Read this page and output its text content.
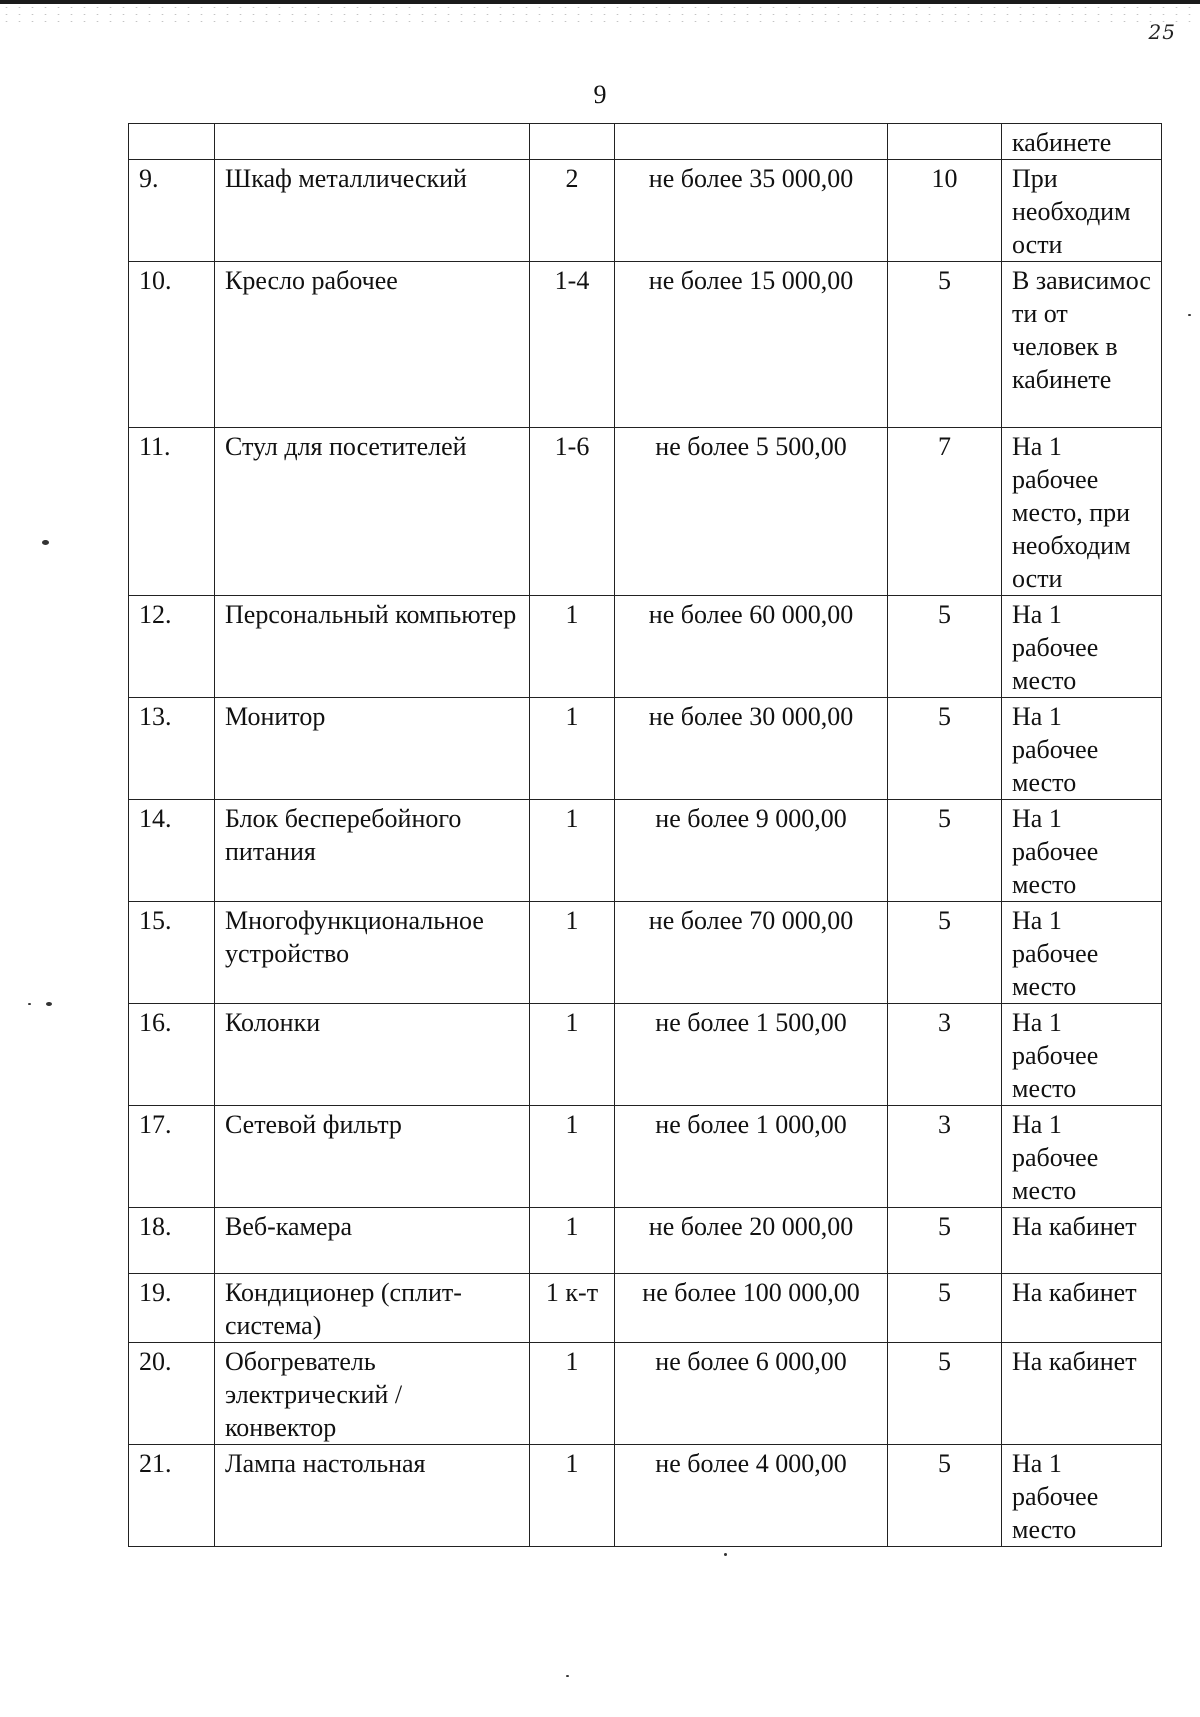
25
9
					кабинете
9.	Шкаф металлический	2	не более 35 000,00	10	При необходим ости
10.	Кресло рабочее	1-4	не более 15 000,00	5	В зависимос ти от человек в кабинете
11.	Стул для посетителей	1-6	не более 5 500,00	7	На 1 рабочее место, при необходим ости
12.	Персональный компьютер	1	не более 60 000,00	5	На 1 рабочее место
13.	Монитор	1	не более 30 000,00	5	На 1 рабочее место
14.	Блок бесперебойного питания	1	не более 9 000,00	5	На 1 рабочее место
15.	Многофункциональное устройство	1	не более 70 000,00	5	На 1 рабочее место
16.	Колонки	1	не более 1 500,00	3	На 1 рабочее место
17.	Сетевой фильтр	1	не более 1 000,00	3	На 1 рабочее место
18.	Веб-камера	1	не более 20 000,00	5	На кабинет
19.	Кондиционер (сплит-система)	1 к-т	не более 100 000,00	5	На кабинет
20.	Обогреватель электрический / конвектор	1	не более 6 000,00	5	На кабинет
21.	Лампа настольная	1	не более 4 000,00	5	На 1 рабочее место
